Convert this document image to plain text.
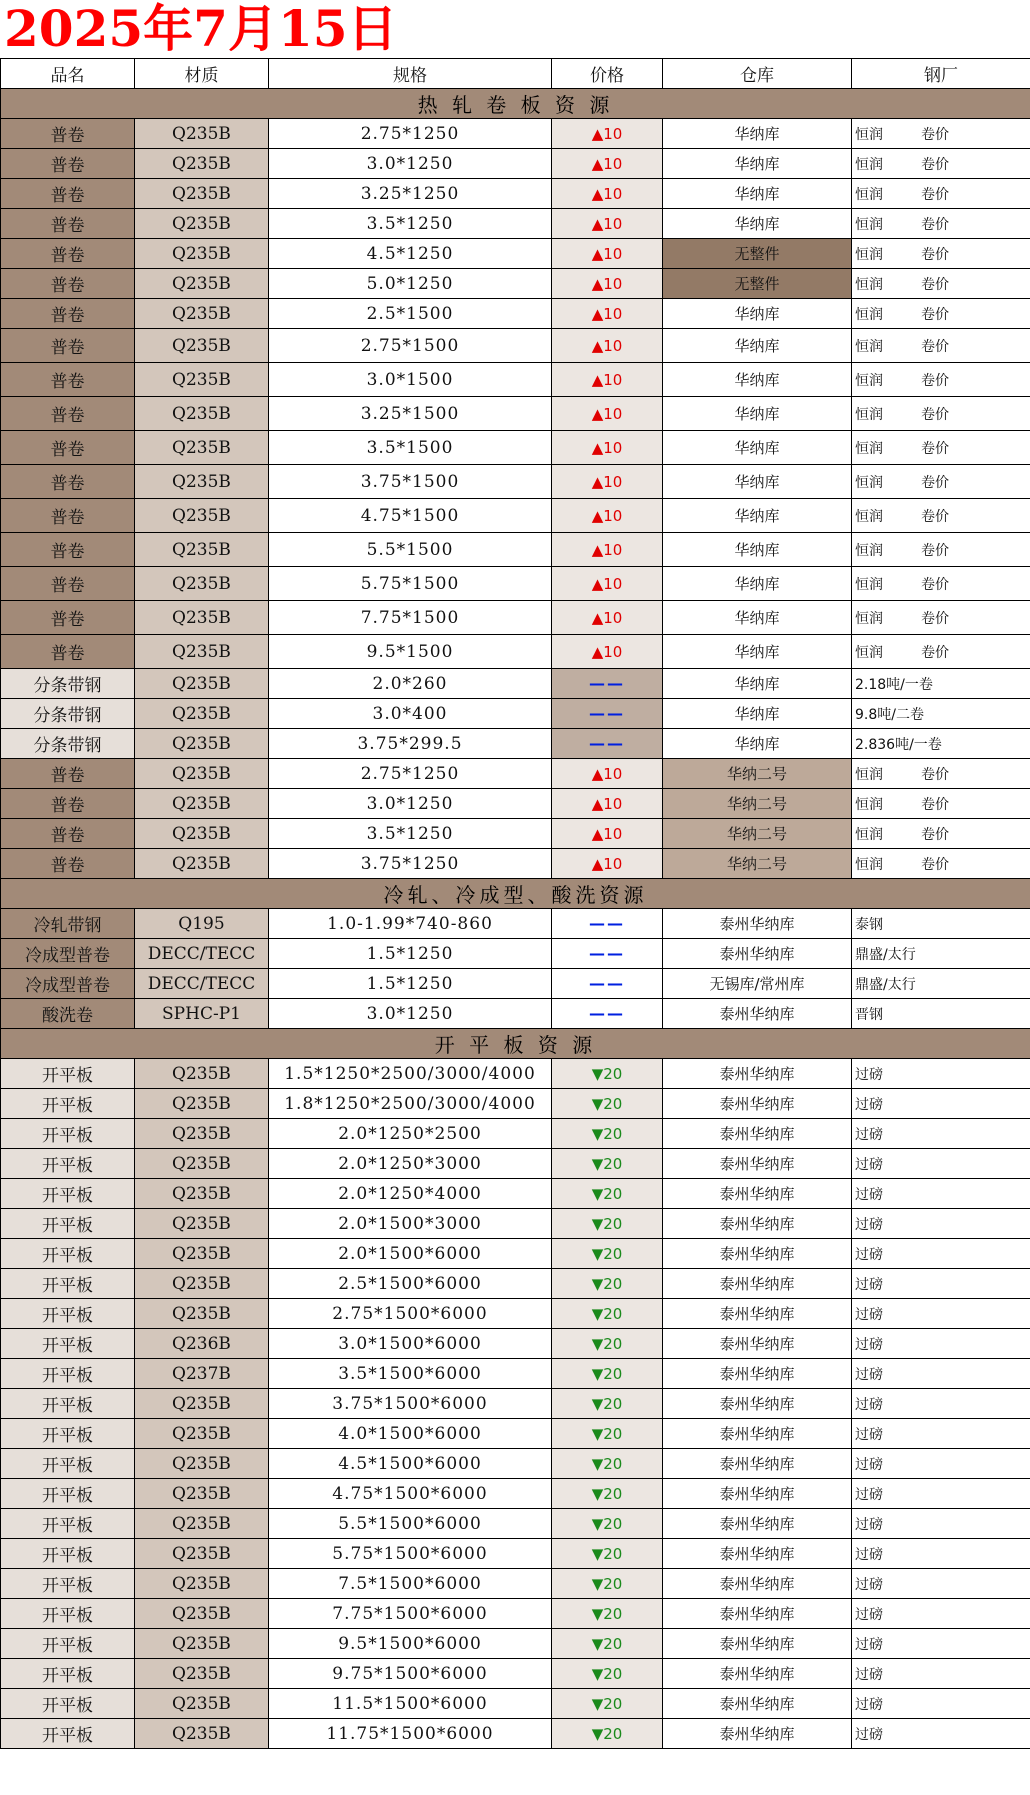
2025年7月15日
品名	材质	规格	价格	仓库	钢厂
热 轧 卷 板 资 源					
普卷	Q235B	2.75*1250	▲10	华纳库	恒润 卷价
普卷	Q235B	3.0*1250	▲10	华纳库	恒润 卷价
普卷	Q235B	3.25*1250	▲10	华纳库	恒润 卷价
普卷	Q235B	3.5*1250	▲10	华纳库	恒润 卷价
普卷	Q235B	4.5*1250	▲10	无整件	恒润 卷价
普卷	Q235B	5.0*1250	▲10	无整件	恒润 卷价
普卷	Q235B	2.5*1500	▲10	华纳库	恒润 卷价
普卷	Q235B	2.75*1500	▲10	华纳库	恒润 卷价
普卷	Q235B	3.0*1500	▲10	华纳库	恒润 卷价
普卷	Q235B	3.25*1500	▲10	华纳库	恒润 卷价
普卷	Q235B	3.5*1500	▲10	华纳库	恒润 卷价
普卷	Q235B	3.75*1500	▲10	华纳库	恒润 卷价
普卷	Q235B	4.75*1500	▲10	华纳库	恒润 卷价
普卷	Q235B	5.5*1500	▲10	华纳库	恒润 卷价
普卷	Q235B	5.75*1500	▲10	华纳库	恒润 卷价
普卷	Q235B	7.75*1500	▲10	华纳库	恒润 卷价
普卷	Q235B	9.5*1500	▲10	华纳库	恒润 卷价
分条带钢	Q235B	2.0*260	——	华纳库	2.18吨/一卷
分条带钢	Q235B	3.0*400	——	华纳库	9.8吨/二卷
分条带钢	Q235B	3.75*299.5	——	华纳库	2.836吨/一卷
普卷	Q235B	2.75*1250	▲10	华纳二号	恒润 卷价
普卷	Q235B	3.0*1250	▲10	华纳二号	恒润 卷价
普卷	Q235B	3.5*1250	▲10	华纳二号	恒润 卷价
普卷	Q235B	3.75*1250	▲10	华纳二号	恒润 卷价
冷轧、冷成型、酸洗资源					
冷轧带钢	Q195	1.0-1.99*740-860	——	泰州华纳库	泰钢
冷成型普卷	DECC/TECC	1.5*1250	——	泰州华纳库	鼎盛/太行
冷成型普卷	DECC/TECC	1.5*1250	——	无锡库/常州库	鼎盛/太行
酸洗卷	SPHC-P1	3.0*1250	——	泰州华纳库	晋钢
开 平 板 资 源					
开平板	Q235B	1.5*1250*2500/3000/4000	▼20	泰州华纳库	过磅
开平板	Q235B	1.8*1250*2500/3000/4000	▼20	泰州华纳库	过磅
开平板	Q235B	2.0*1250*2500	▼20	泰州华纳库	过磅
开平板	Q235B	2.0*1250*3000	▼20	泰州华纳库	过磅
开平板	Q235B	2.0*1250*4000	▼20	泰州华纳库	过磅
开平板	Q235B	2.0*1500*3000	▼20	泰州华纳库	过磅
开平板	Q235B	2.0*1500*6000	▼20	泰州华纳库	过磅
开平板	Q235B	2.5*1500*6000	▼20	泰州华纳库	过磅
开平板	Q235B	2.75*1500*6000	▼20	泰州华纳库	过磅
开平板	Q236B	3.0*1500*6000	▼20	泰州华纳库	过磅
开平板	Q237B	3.5*1500*6000	▼20	泰州华纳库	过磅
开平板	Q235B	3.75*1500*6000	▼20	泰州华纳库	过磅
开平板	Q235B	4.0*1500*6000	▼20	泰州华纳库	过磅
开平板	Q235B	4.5*1500*6000	▼20	泰州华纳库	过磅
开平板	Q235B	4.75*1500*6000	▼20	泰州华纳库	过磅
开平板	Q235B	5.5*1500*6000	▼20	泰州华纳库	过磅
开平板	Q235B	5.75*1500*6000	▼20	泰州华纳库	过磅
开平板	Q235B	7.5*1500*6000	▼20	泰州华纳库	过磅
开平板	Q235B	7.75*1500*6000	▼20	泰州华纳库	过磅
开平板	Q235B	9.5*1500*6000	▼20	泰州华纳库	过磅
开平板	Q235B	9.75*1500*6000	▼20	泰州华纳库	过磅
开平板	Q235B	11.5*1500*6000	▼20	泰州华纳库	过磅
开平板	Q235B	11.75*1500*6000	▼20	泰州华纳库	过磅
